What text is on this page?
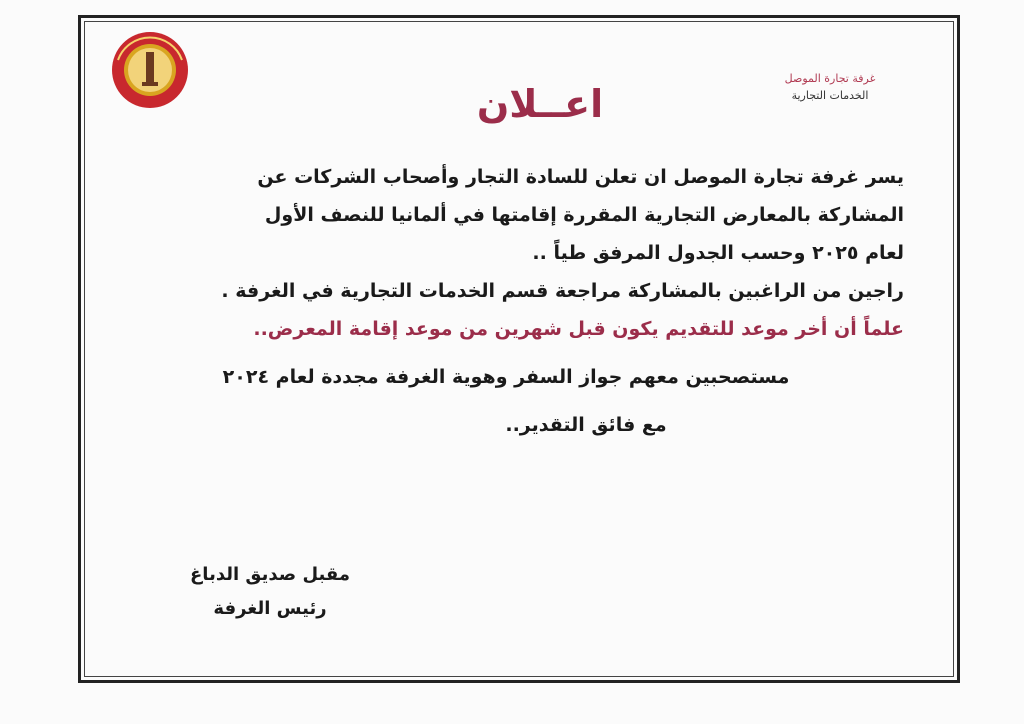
غرفة تجارة الموصل
الخدمات التجارية
اعــلان
يسر غرفة تجارة الموصل ان تعلن للسادة التجار وأصحاب الشركات عن
المشاركة بالمعارض التجارية المقررة إقامتها في ألمانيا للنصف الأول
لعام ٢٠٢٥ وحسب الجدول المرفق طياً ..
راجين من الراغبين بالمشاركة مراجعة قسم الخدمات التجارية في الغرفة .
علماً أن أخر موعد للتقديم يكون قبل شهرين من موعد إقامة المعرض..
مستصحبين معهم جواز السفر وهوية الغرفة مجددة لعام ٢٠٢٤
مع فائق التقدير..
مقبل صديق الدباغ
رئيس الغرفة
